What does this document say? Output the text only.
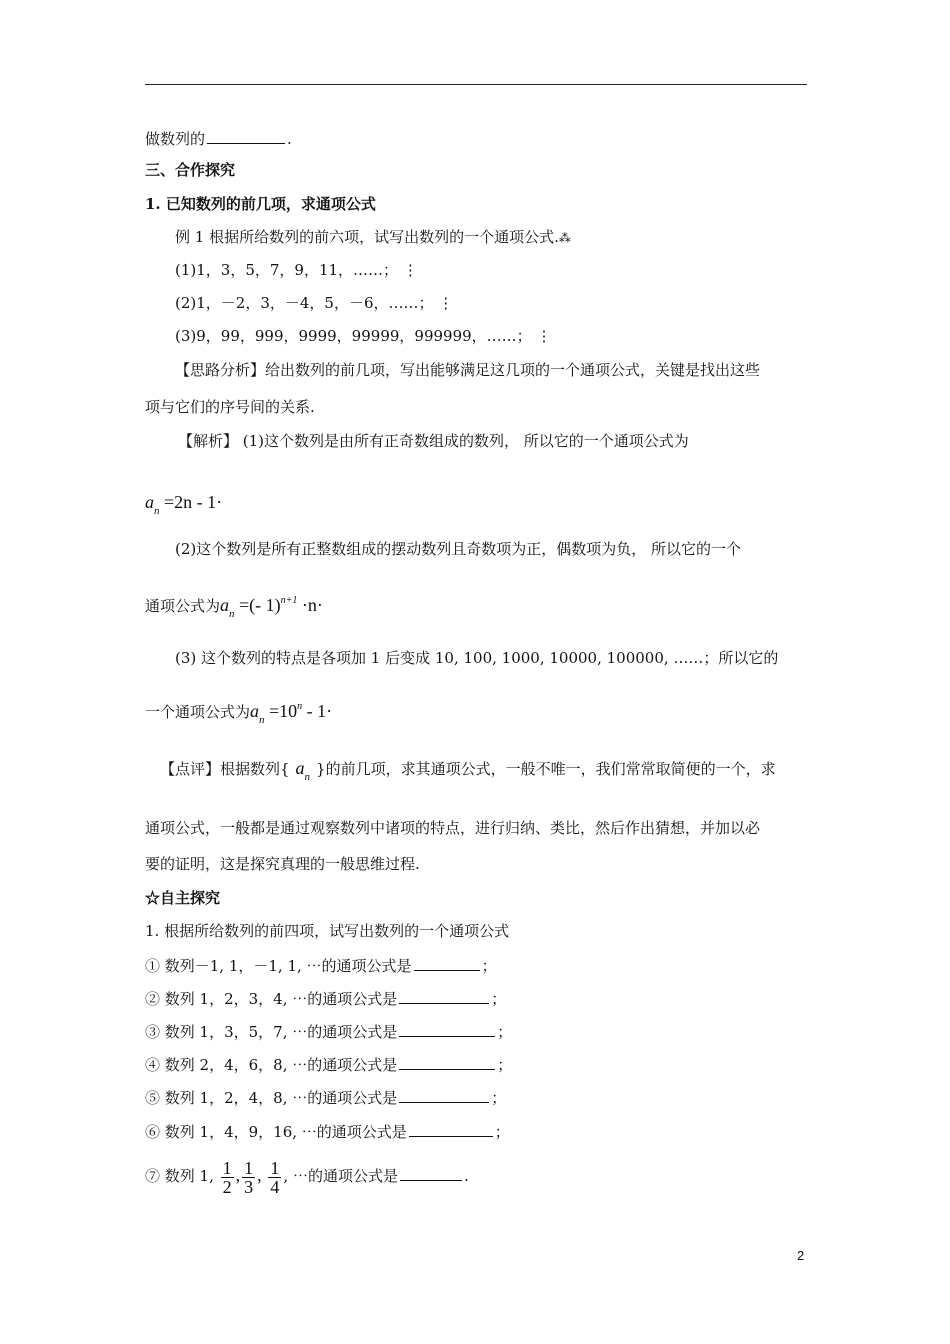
做数列的	.
三、合作探究
1. 已知数列的前几项，求通项公式
例 1 根据所给数列的前六项，试写出数列的一个通项公式.⁂
(1)1，3，5，7，9，11，……； ⋮
(2)1，－2，3，－4，5，－6，……； ⋮
(3)9，99，999，9999，99999，999999，……； ⋮
【思路分析】给出数列的前几项，写出能够满足这几项的一个通项公式，关键是找出这些
项与它们的序号间的关系.
【解析】 (1)这个数列是由所有正奇数组成的数列， 所以它的一个通项公式为
$a_n =2n - 1\cdot$
(2)这个数列是所有正整数组成的摆动数列且奇数项为正，偶数项为负， 所以它的一个
通项公式为$a_n$ =(- 1)$^{n+1}$ ·n·
(3) 这个数列的特点是各项加 1 后变成 10, 100, 1000, 10000, 100000, ……；所以它的
一个通项公式为$a_n =10^n - 1\cdot$
【点评】根据数列{ $a_n$ }的前几项，求其通项公式，一般不唯一，我们常常取简便的一个，求
通项公式，一般都是通过观察数列中诸项的特点，进行归纳、类比，然后作出猜想，并加以必
要的证明，这是探究真理的一般思维过程.
☆自主探究
1. 根据所给数列的前四项，试写出数列的一个通项公式
① 数列－1, 1，－1, 1, ⋯的通项公式是	；
② 数列 1，2，3，4, ⋯的通项公式是	；
③ 数列 1，3，5，7, ⋯的通项公式是	；
④ 数列 2，4，6，8, ⋯的通项公式是	；
⑤ 数列 1，2，4，8, ⋯的通项公式是	；
⑥ 数列 1，4，9，16, ⋯的通项公式是	；
⑦ 数列 1, $\frac{1}{2}$ , $\frac{1}{3}$ , $\frac{1}{4}$ , ⋯的通项公式是	.
2
